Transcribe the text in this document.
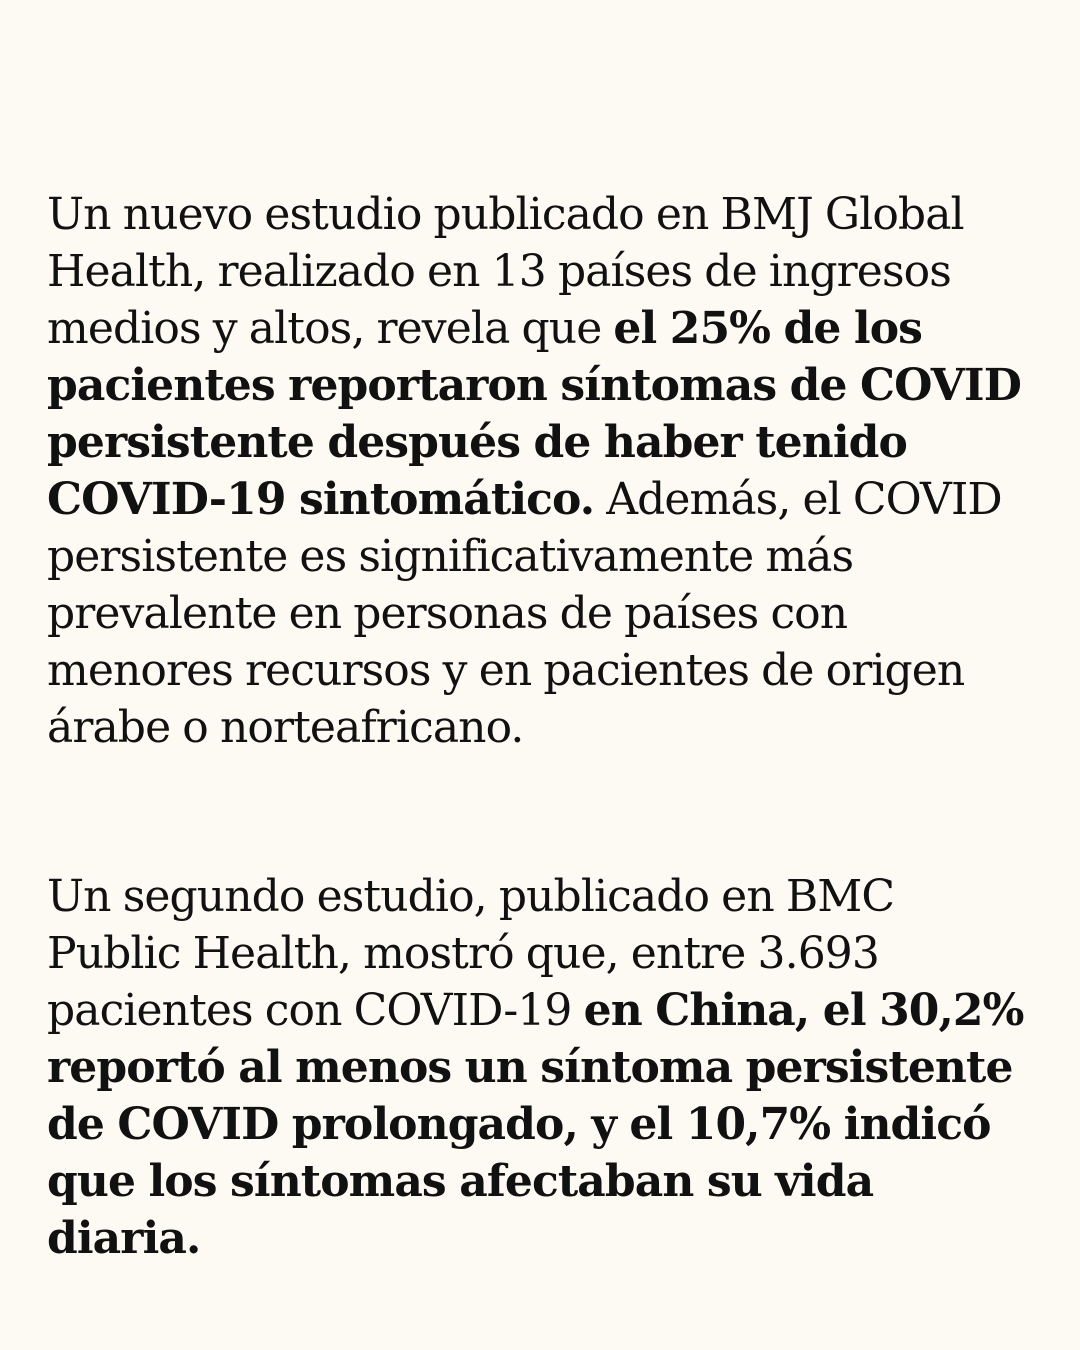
Un nuevo estudio publicado en BMJ Global Health, realizado en 13 países de ingresos medios y altos, revela que el 25% de los pacientes reportaron síntomas de COVID persistente después de haber tenido COVID-19 sintomático. Además, el COVID persistente es significativamente más prevalente en personas de países con menores recursos y en pacientes de origen árabe o norteafricano.

Un segundo estudio, publicado en BMC Public Health, mostró que, entre 3.693 pacientes con COVID-19 en China, el 30,2% reportó al menos un síntoma persistente de COVID prolongado, y el 10,7% indicó que los síntomas afectaban su vida diaria.
